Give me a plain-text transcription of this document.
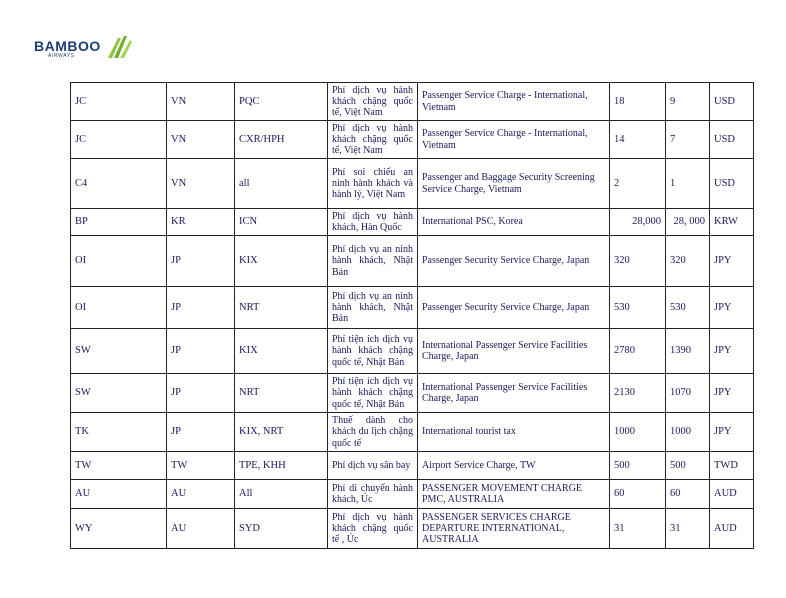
BAMBOO
AIRWAYS
JC	VN	PQC	Phí dịch vụ hành khách chặng quốc tế, Việt Nam	Passenger Service Charge - International, Vietnam	18	9	USD
JC	VN	CXR/HPH	Phí dịch vụ hành khách chặng quốc tế, Việt Nam	Passenger Service Charge - International, Vietnam	14	7	USD
C4	VN	all	Phí soi chiếu an ninh hành khách và hành lý, Việt Nam	Passenger and Baggage Security Screening Service Charge, Vietnam	2	1	USD
BP	KR	ICN	Phí dịch vụ hành khách, Hàn Quốc	International PSC, Korea	28,000	28, 000	KRW
OI	JP	KIX	Phí dịch vụ an ninh hành khách, Nhật Bản	Passenger Security Service Charge, Japan	320	320	JPY
OI	JP	NRT	Phí dịch vụ an ninh hành khách, Nhật Bản	Passenger Security Service Charge, Japan	530	530	JPY
SW	JP	KIX	Phí tiện ích dịch vụ hành khách chặng quốc tế, Nhật Bản	International Passenger Service Facilities Charge, Japan	2780	1390	JPY
SW	JP	NRT	Phí tiện ích dịch vụ hành khách chặng quốc tế, Nhật Bản	International Passenger Service Facilities Charge, Japan	2130	1070	JPY
TK	JP	KIX, NRT	Thuế dành cho khách du lịch chặng quốc tế	International tourist tax	1000	1000	JPY
TW	TW	TPE, KHH	Phí dịch vụ sân bay	Airport Service Charge, TW	500	500	TWD
AU	AU	All	Phí di chuyển hành khách, Úc	PASSENGER MOVEMENT CHARGE PMC, AUSTRALIA	60	60	AUD
WY	AU	SYD	Phí dịch vụ hành khách chặng quốc tế , Úc	PASSENGER SERVICES CHARGE DEPARTURE INTERNATIONAL, AUSTRALIA	31	31	AUD
